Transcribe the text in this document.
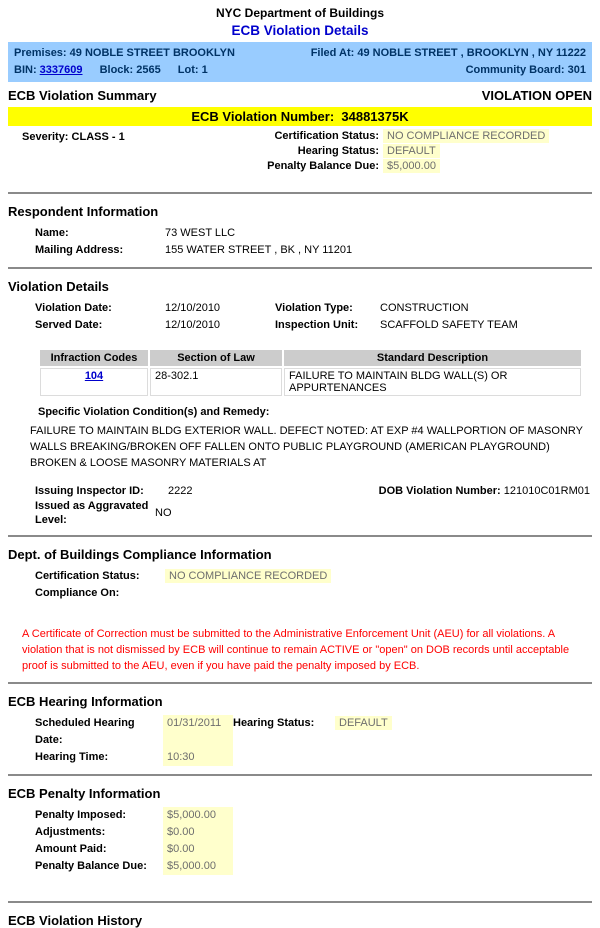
NYC Department of Buildings
ECB Violation Details
Premises: 49 NOBLE STREET BROOKLYN	Filed At: 49 NOBLE STREET , BROOKLYN , NY 11222
BIN: 3337609 Block: 2565 Lot: 1	Community Board: 301
ECB Violation Summary	VIOLATION OPEN
ECB Violation Number: 34881375K
Severity: CLASS - 1	Certification Status: NO COMPLIANCE RECORDED
Hearing Status: DEFAULT
Penalty Balance Due: $5,000.00
Respondent Information
Name:	73 WEST LLC
Mailing Address:	155 WATER STREET , BK , NY 11201
Violation Details
Violation Date:	12/10/2010	Violation Type:	CONSTRUCTION
Served Date:	12/10/2010	Inspection Unit:	SCAFFOLD SAFETY TEAM
Infraction Codes	Section of Law	Standard Description
104	28-302.1	FAILURE TO MAINTAIN BLDG WALL(S) OR APPURTENANCES
Specific Violation Condition(s) and Remedy:
FAILURE TO MAINTAIN BLDG EXTERIOR WALL. DEFECT NOTED: AT EXP #4 WALLPORTION OF MASONRY WALLS BREAKING/BROKEN OFF FALLEN ONTO PUBLIC PLAYGROUND (AMERICAN PLAYGROUND) BROKEN & LOOSE MASONRY MATERIALS AT
Issuing Inspector ID:	2222	DOB Violation Number: 121010C01RM01
Issued as Aggravated Level:
NO
Dept. of Buildings Compliance Information
Certification Status:	NO COMPLIANCE RECORDED
Compliance On:
A Certificate of Correction must be submitted to the Administrative Enforcement Unit (AEU) for all violations. A violation that is not dismissed by ECB will continue to remain ACTIVE or "open" on DOB records until acceptable proof is submitted to the AEU, even if you have paid the penalty imposed by ECB.
ECB Hearing Information
Scheduled Hearing Date:
01/31/2011	Hearing Status:	DEFAULT
Hearing Time:	10:30
ECB Penalty Information
Penalty Imposed:	$5,000.00
Adjustments:	$0.00
Amount Paid:	$0.00
Penalty Balance Due:	$5,000.00
ECB Violation History
